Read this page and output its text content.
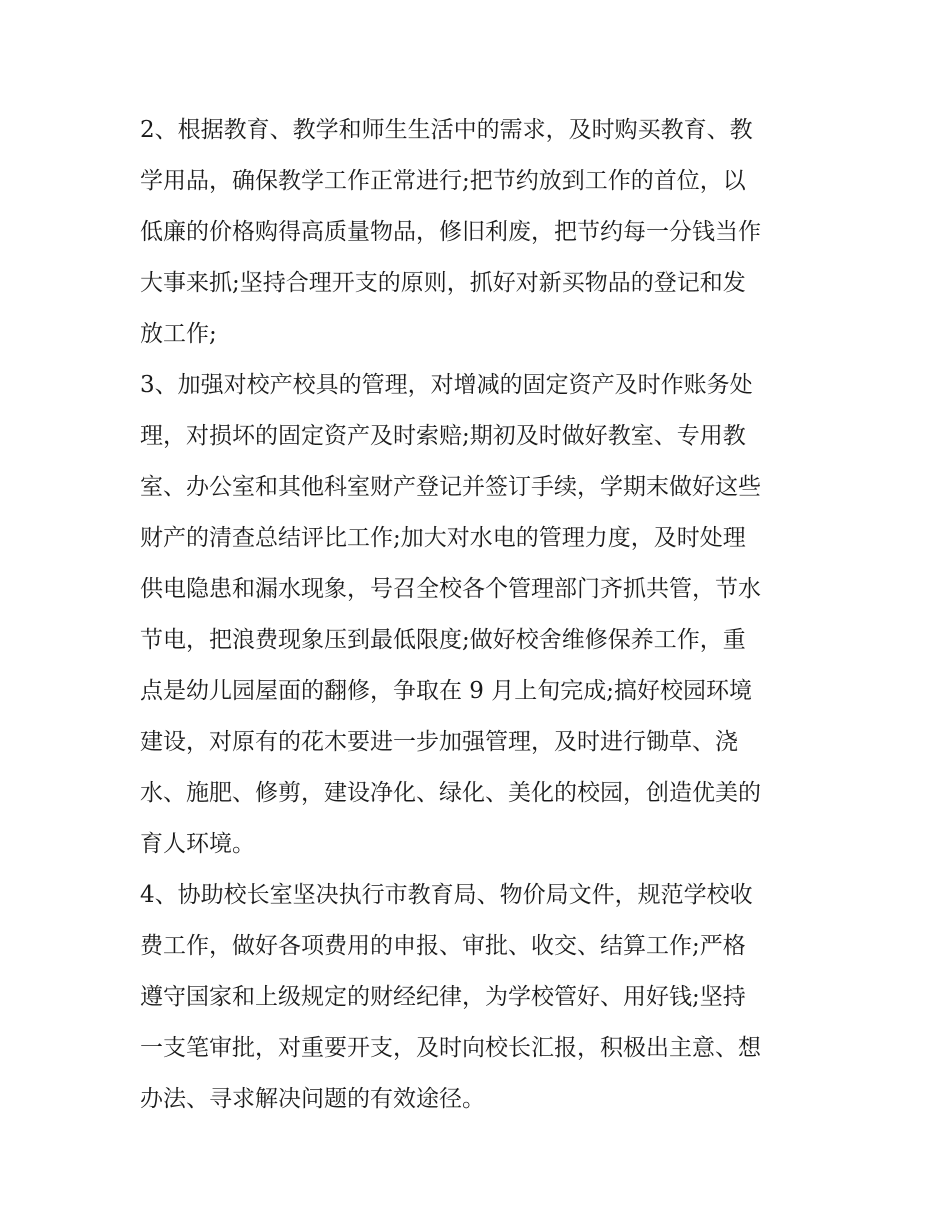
2、根据教育、教学和师生生活中的需求，及时购买教育、教
学用品，确保教学工作正常进行;把节约放到工作的首位，以
低廉的价格购得高质量物品，修旧利废，把节约每一分钱当作
大事来抓;坚持合理开支的原则，抓好对新买物品的登记和发
放工作;

3、加强对校产校具的管理，对增减的固定资产及时作账务处
理，对损坏的固定资产及时索赔;期初及时做好教室、专用教
室、办公室和其他科室财产登记并签订手续，学期末做好这些
财产的清查总结评比工作;加大对水电的管理力度，及时处理
供电隐患和漏水现象，号召全校各个管理部门齐抓共管，节水
节电，把浪费现象压到最低限度;做好校舍维修保养工作，重
点是幼儿园屋面的翻修，争取在 9 月上旬完成;搞好校园环境
建设，对原有的花木要进一步加强管理，及时进行锄草、浇
水、施肥、修剪，建设净化、绿化、美化的校园，创造优美的
育人环境。

4、协助校长室坚决执行市教育局、物价局文件，规范学校收
费工作，做好各项费用的申报、审批、收交、结算工作;严格
遵守国家和上级规定的财经纪律，为学校管好、用好钱;坚持
一支笔审批，对重要开支，及时向校长汇报，积极出主意、想
办法、寻求解决问题的有效途径。
